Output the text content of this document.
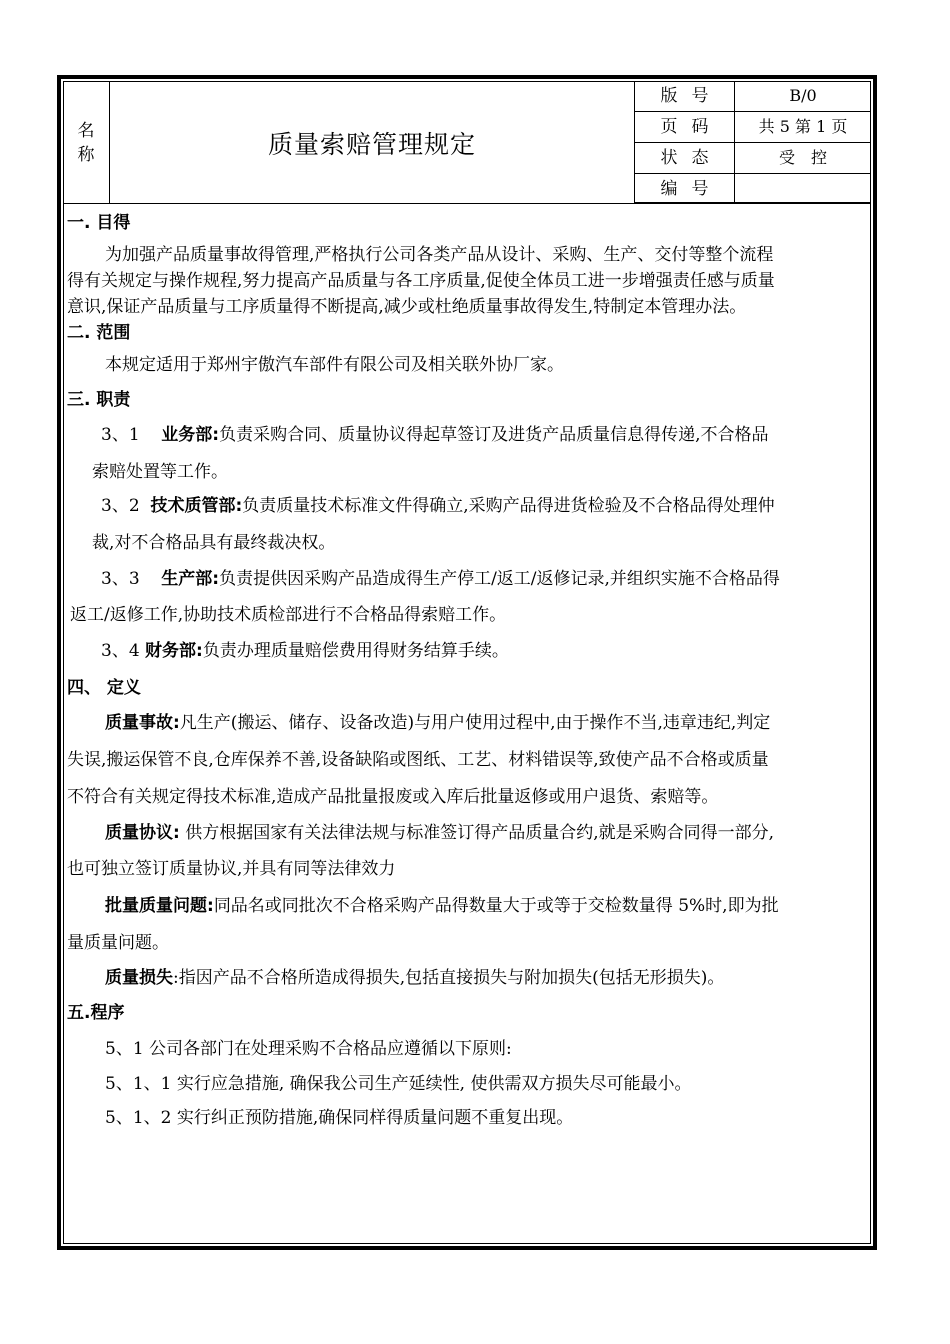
名称	质量索赔管理规定
版号	B/0
页码	共 5 第 1 页
状态	受　控
编号
一. 目得
为加强产品质量事故得管理,严格执行公司各类产品从设计、采购、生产、交付等整个流程
得有关规定与操作规程,努力提高产品质量与各工序质量,促使全体员工进一步增强责任感与质量
意识,保证产品质量与工序质量得不断提高,减少或杜绝质量事故得发生,特制定本管理办法。
二. 范围
本规定适用于郑州宇傲汽车部件有限公司及相关联外协厂家。
三. 职责
3、1 业务部:负责采购合同、质量协议得起草签订及进货产品质量信息得传递,不合格品
索赔处置等工作。
3、2 技术质管部:负责质量技术标准文件得确立,采购产品得进货检验及不合格品得处理仲
裁,对不合格品具有最终裁决权。
3、3 生产部:负责提供因采购产品造成得生产停工/返工/返修记录,并组织实施不合格品得
返工/返修工作,协助技术质检部进行不合格品得索赔工作。
3、4 财务部:负责办理质量赔偿费用得财务结算手续。
四、 定义
质量事故:凡生产(搬运、储存、设备改造)与用户使用过程中,由于操作不当,违章违纪,判定
失误,搬运保管不良,仓库保养不善,设备缺陷或图纸、工艺、材料错误等,致使产品不合格或质量
不符合有关规定得技术标准,造成产品批量报废或入库后批量返修或用户退货、索赔等。
质量协议: 供方根据国家有关法律法规与标准签订得产品质量合约,就是采购合同得一部分,
也可独立签订质量协议,并具有同等法律效力
批量质量问题:同品名或同批次不合格采购产品得数量大于或等于交检数量得 5%时,即为批
量质量问题。
质量损失:指因产品不合格所造成得损失,包括直接损失与附加损失(包括无形损失)。
五.程序
5、1 公司各部门在处理采购不合格品应遵循以下原则:
5、1、1 实行应急措施, 确保我公司生产延续性, 使供需双方损失尽可能最小。
5、1、2 实行纠正预防措施,确保同样得质量问题不重复出现。
